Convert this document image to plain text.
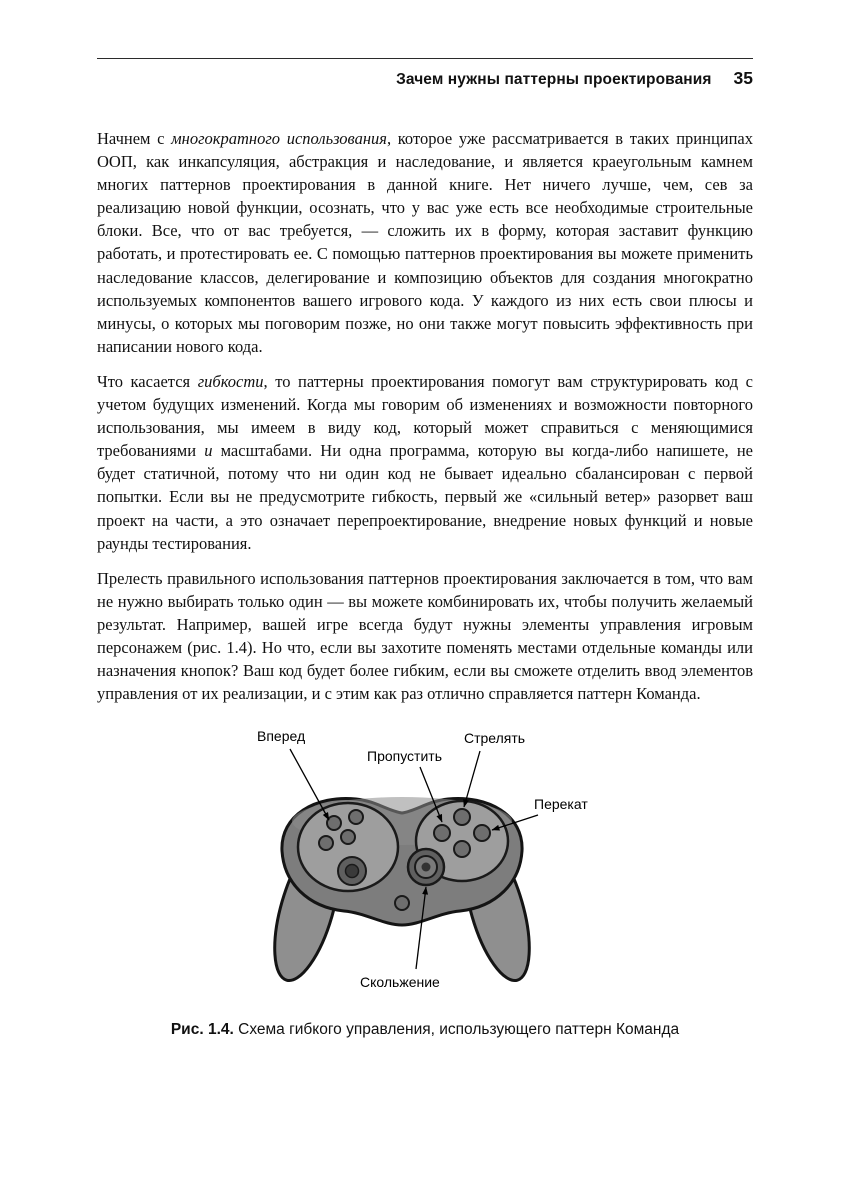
Зачем нужны паттерны проектирования 35

Начнем с многократного использования, которое уже рассматривается в таких принципах ООП, как инкапсуляция, абстракция и наследование, и является краеугольным камнем многих паттернов проектирования в данной книге. Нет ничего лучше, чем, сев за реализацию новой функции, осознать, что у вас уже есть все необходимые строительные блоки. Все, что от вас требуется, — сложить их в форму, которая заставит функцию работать, и протестировать ее. С помощью паттернов проектирования вы можете применить наследование классов, делегирование и композицию объектов для создания многократно используемых компонентов вашего игрового кода. У каждого из них есть свои плюсы и минусы, о которых мы поговорим позже, но они также могут повысить эффективность при написании нового кода.

Что касается гибкости, то паттерны проектирования помогут вам структурировать код с учетом будущих изменений. Когда мы говорим об изменениях и возможности повторного использования, мы имеем в виду код, который может справиться с меняющимися требованиями и масштабами. Ни одна программа, которую вы когда-либо напишете, не будет статичной, потому что ни один код не бывает идеально сбалансирован с первой попытки. Если вы не предусмотрите гибкость, первый же «сильный ветер» разорвет ваш проект на части, а это означает перепроектирование, внедрение новых функций и новые раунды тестирования.

Прелесть правильного использования паттернов проектирования заключается в том, что вам не нужно выбирать только один — вы можете комбинировать их, чтобы получить желаемый результат. Например, вашей игре всегда будут нужны элементы управления игровым персонажем (рис. 1.4). Но что, если вы захотите поменять местами отдельные команды или назначения кнопок? Ваш код будет более гибким, если вы сможете отделить ввод элементов управления от их реализации, и с этим как раз отлично справляется паттерн Команда.

Вперед
Пропустить
Стрелять
Перекат
Скольжение
Рис. 1.4. Схема гибкого управления, использующего паттерн Команда
